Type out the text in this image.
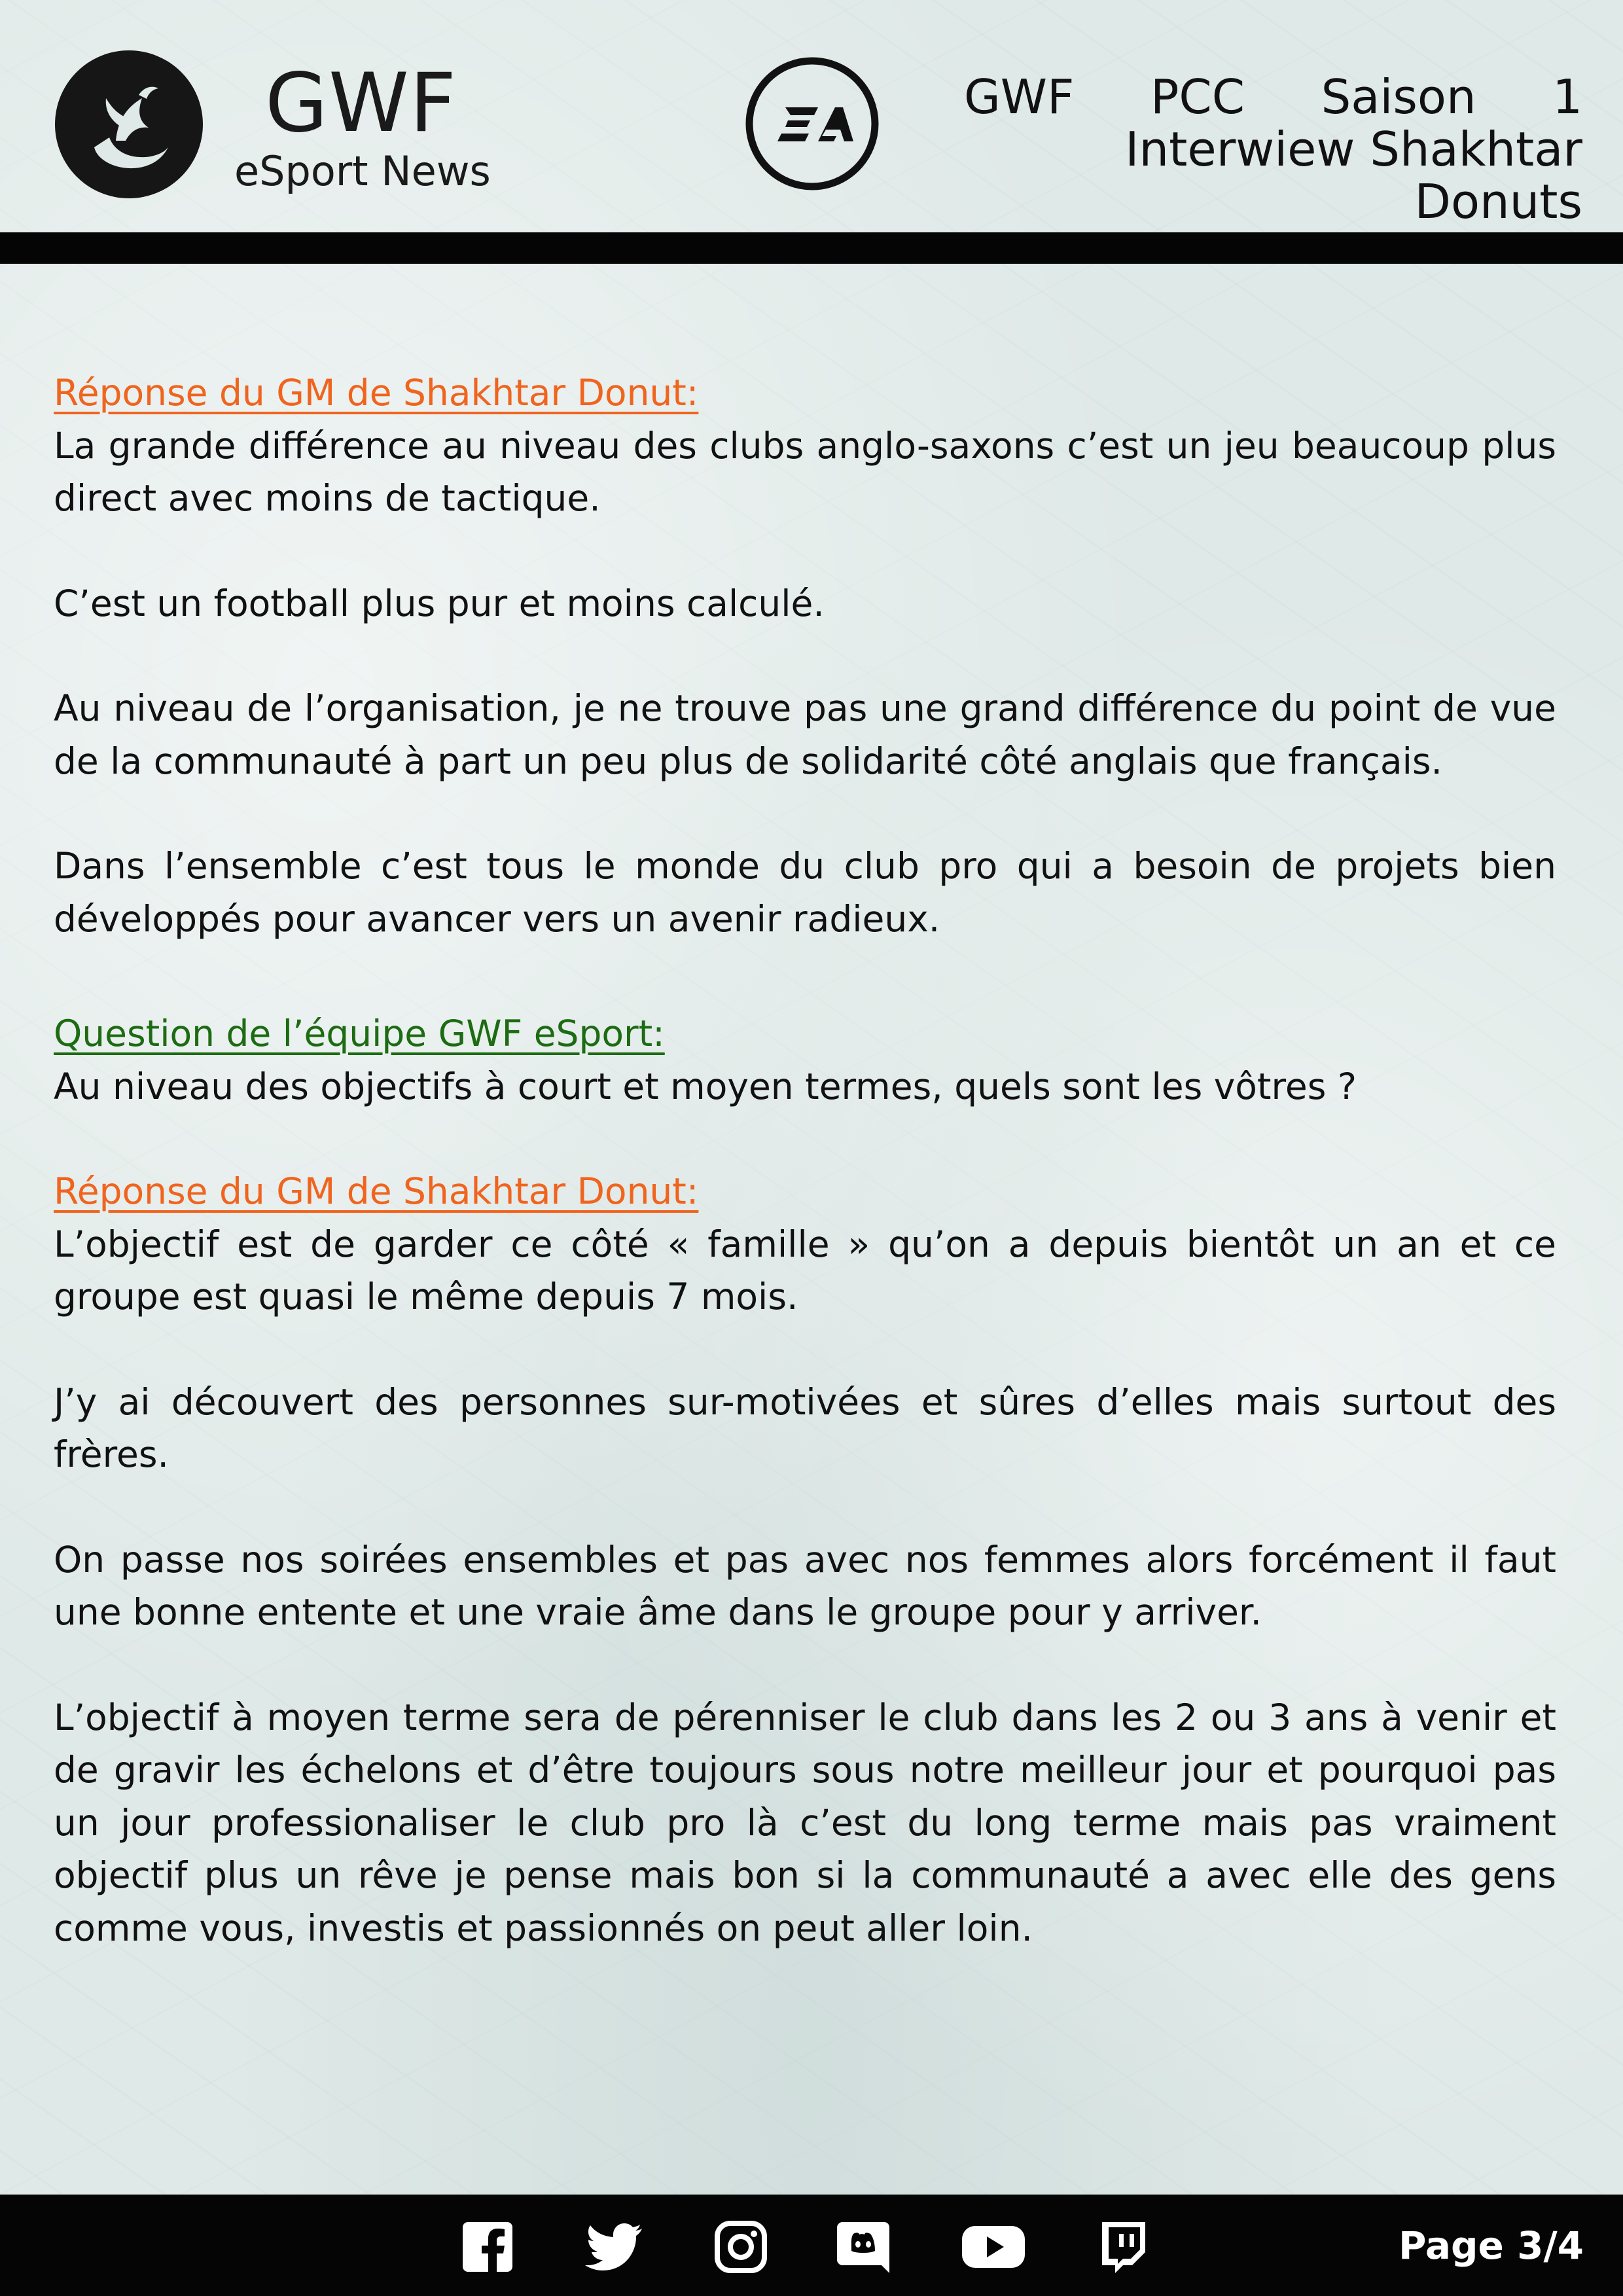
GWF
eSport News
GWF PCC Saison 1
Interwiew Shakhtar Donuts

Réponse du GM de Shakhtar Donut:

La grande différence au niveau des clubs anglo-saxons c’est un jeu beaucoup plus direct avec moins de tactique.

C’est un football plus pur et moins calculé.

Au niveau de l’organisation, je ne trouve pas une grand différence du point de vue de la communauté à part un peu plus de solidarité côté anglais que français.

Dans l’ensemble c’est tous le monde du club pro qui a besoin de projets bien développés pour avancer vers un avenir radieux.

Question de l’équipe GWF eSport:

Au niveau des objectifs à court et moyen termes, quels sont les vôtres ?

Réponse du GM de Shakhtar Donut:

L’objectif est de garder ce côté « famille » qu’on a depuis bientôt un an et ce groupe est quasi le même depuis 7 mois.

J’y ai découvert des personnes sur-motivées et sûres d’elles mais surtout des frères.

On passe nos soirées ensembles et pas avec nos femmes alors forcément il faut une bonne entente et une vraie âme dans le groupe pour y arriver.

L’objectif à moyen terme sera de pérenniser le club dans les 2 ou 3 ans à venir et de gravir les échelons et d’être toujours sous notre meilleur jour et pourquoi pas un jour professionaliser le club pro là c’est du long terme mais pas vraiment objectif plus un rêve je pense mais bon si la communauté a avec elle des gens comme vous, investis et passionnés on peut aller loin.

Page 3/4
